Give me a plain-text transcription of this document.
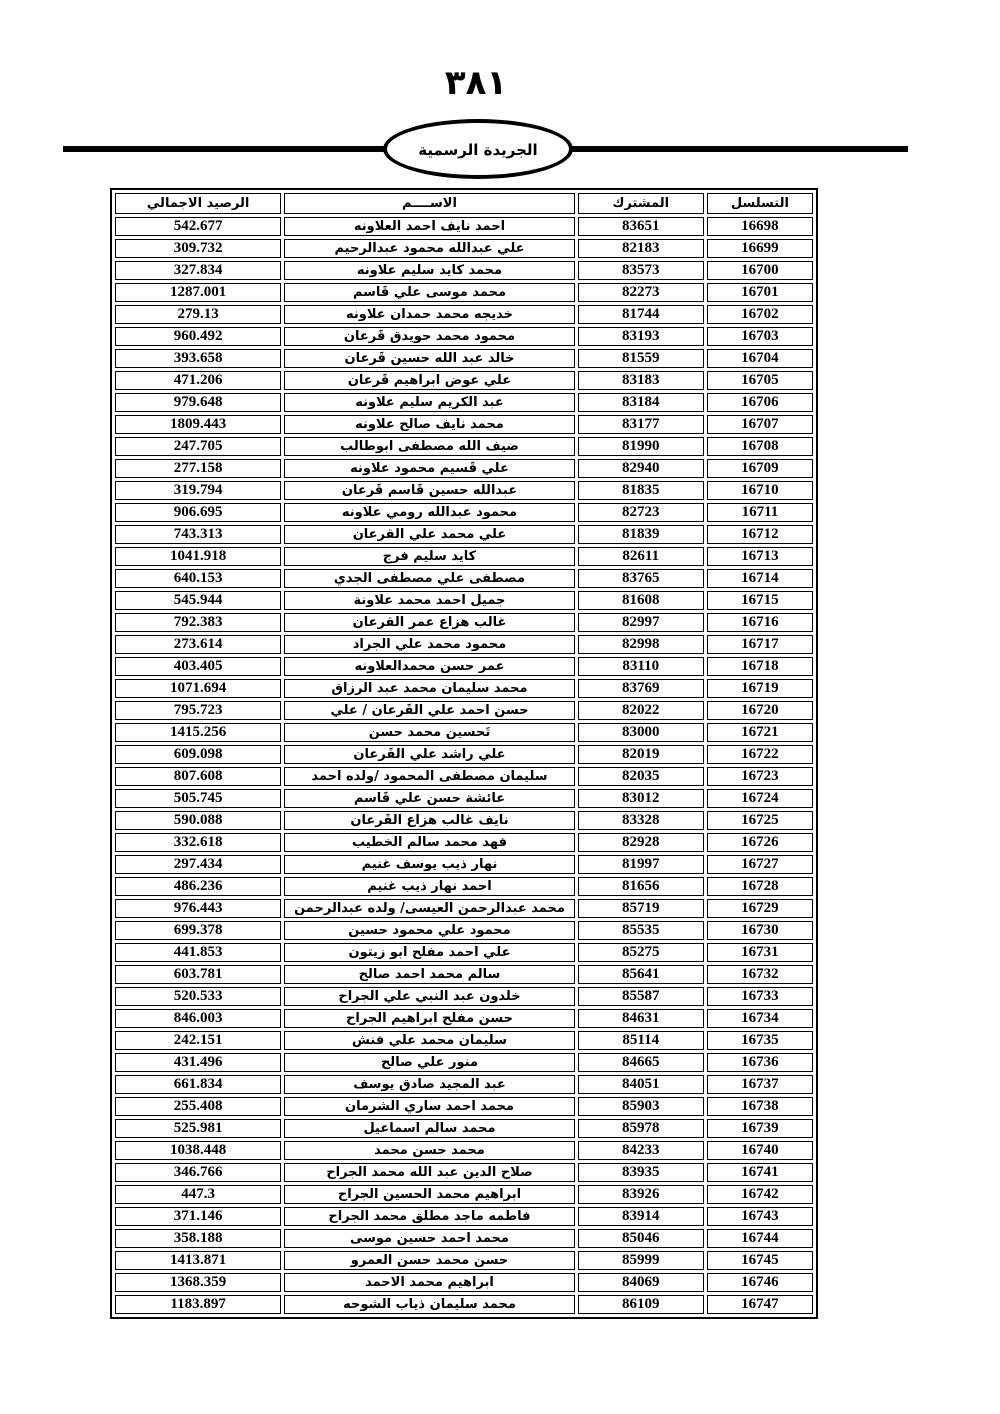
٣٨١
الجريدة الرسمية
التسلسل	المشترك	الاســــم	الرصيد الاجمالي
16698	83651	احمد نايف احمد العلاونه	542.677
16699	82183	علي عبدالله محمود عبدالرحيم	309.732
16700	83573	محمد كايد سليم علاونه	327.834
16701	82273	محمد موسى علي قَاسم	1287.001
16702	81744	خديجه محمد حمدان علاونه	279.13
16703	83193	محمود محمد حويدق قَرعان	960.492
16704	81559	خالد عبد الله حسين قَرعان	393.658
16705	83183	علي عوض ابراهيم قَرعان	471.206
16706	83184	عبد الكريم سليم علاونه	979.648
16707	83177	محمد نايف صالح علاونه	1809.443
16708	81990	ضيف الله مصطفى ابوطالب	247.705
16709	82940	علي قَسيم محمود علاونه	277.158
16710	81835	عبدالله حسين قَاسم قَرعان	319.794
16711	82723	محمود عبدالله رومي علاونه	906.695
16712	81839	علي محمد علي القرعان	743.313
16713	82611	كايد سليم فرج	1041.918
16714	83765	مصطفى علي مصطفى الجدي	640.153
16715	81608	جميل احمد محمد علاونة	545.944
16716	82997	غالب هزاع عمر القرعان	792.383
16717	82998	محمود محمد علي الجراد	273.614
16718	83110	عمر حسن محمدالعلاونه	403.405
16719	83769	محمد سليمان محمد عبد الرزاق	1071.694
16720	82022	حسن احمد علي القَرعان / علي	795.723
16721	83000	تَحسين محمد حسن	1415.256
16722	82019	علي راشد علي القَرعان	609.098
16723	82035	سليمان مصطفى المحمود /ولده احمد	807.608
16724	83012	عائشة حسن علي قَاسم	505.745
16725	83328	نايف غالب هزاع القَرعان	590.088
16726	82928	فهد محمد سالم الخطيب	332.618
16727	81997	نهار ذيب يوسف غنيم	297.434
16728	81656	احمد نهار ذيب غنيم	486.236
16729	85719	محمد عبدالرحمن العيسى/ ولده عبدالرحمن	976.443
16730	85535	محمود علي محمود حسين	699.378
16731	85275	علي احمد مفلح ابو زيتون	441.853
16732	85641	سالم محمد احمد صالح	603.781
16733	85587	خلدون عبد النبي علي الجراح	520.533
16734	84631	حسن مفلح ابراهيم الجراح	846.003
16735	85114	سليمان محمد علي فنش	242.151
16736	84665	منور علي صالح	431.496
16737	84051	عبد المجيد صادق يوسف	661.834
16738	85903	محمد احمد ساري الشرمان	255.408
16739	85978	محمد سالم اسماعيل	525.981
16740	84233	محمد حسن محمد	1038.448
16741	83935	صلاح الدين عبد الله محمد الجراح	346.766
16742	83926	ابراهيم محمد الحسين الجراح	447.3
16743	83914	فاطمه ماجد مطلق محمد الجراح	371.146
16744	85046	محمد احمد حسين موسى	358.188
16745	85999	حسن محمد حسن العمرو	1413.871
16746	84069	ابراهيم محمد الاحمد	1368.359
16747	86109	محمد سليمان ذياب الشوحه	1183.897
